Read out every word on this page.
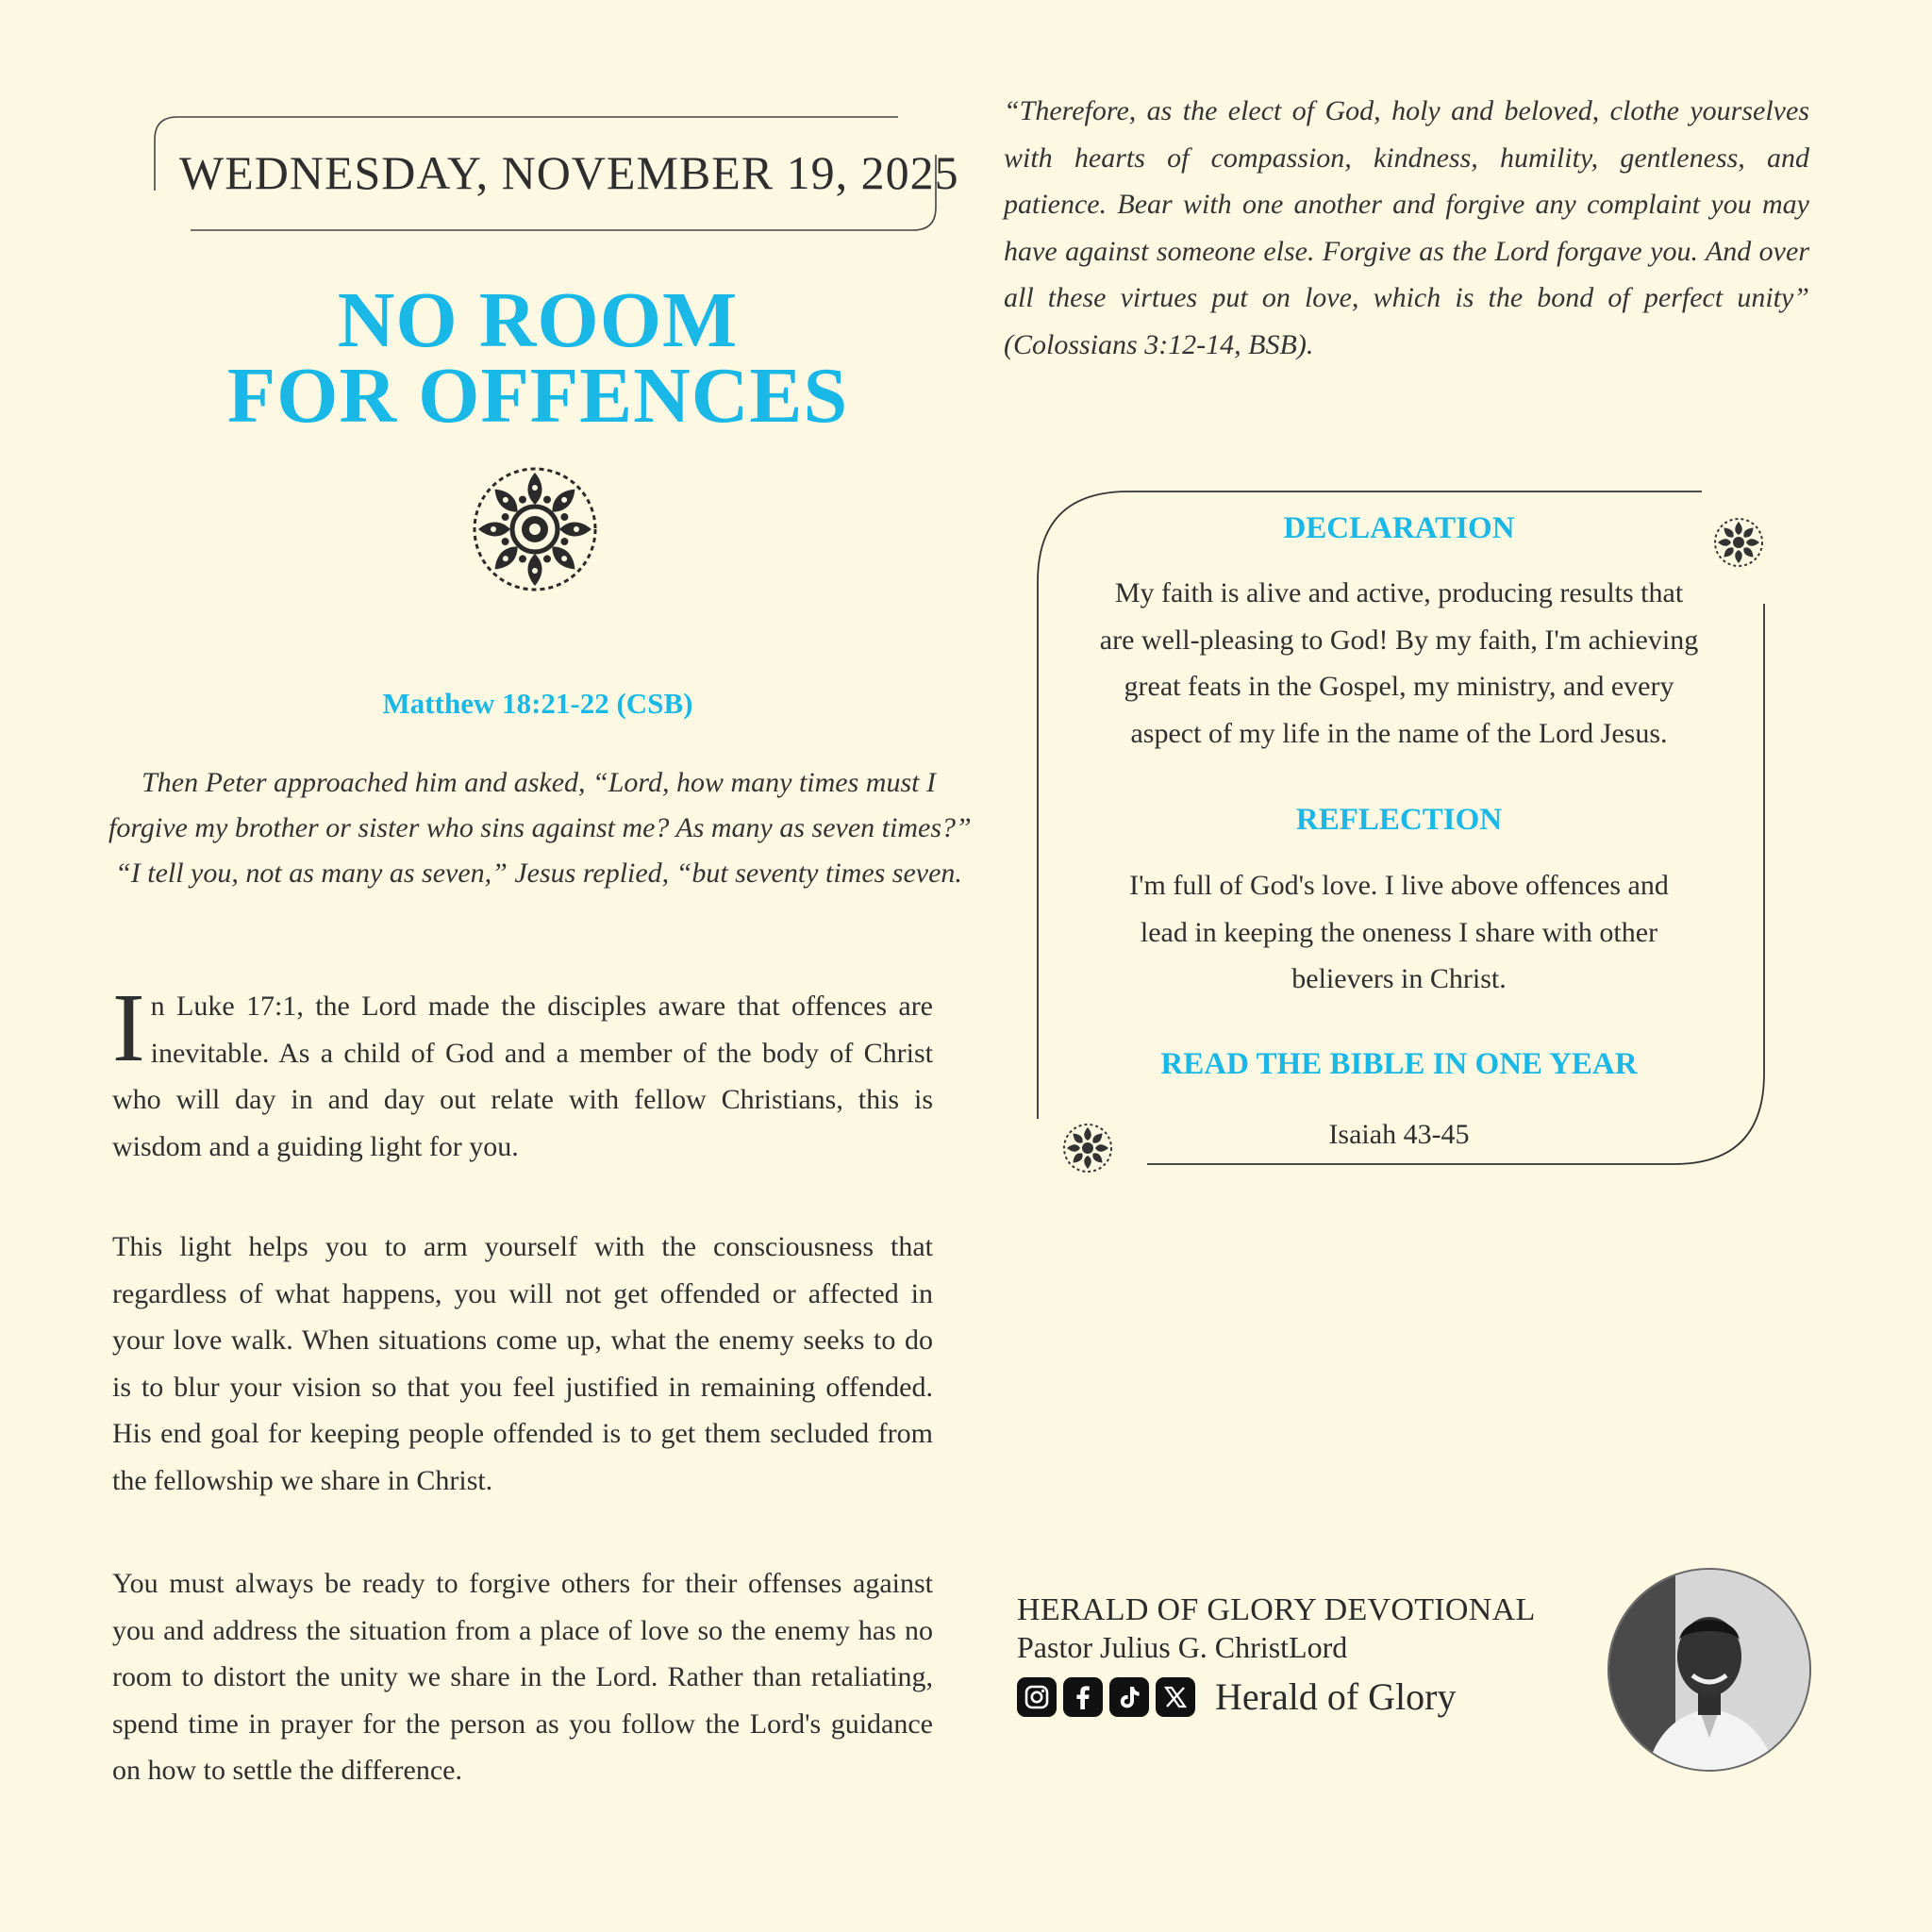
WEDNESDAY, NOVEMBER 19, 2025
NO ROOM
FOR OFFENCES
Matthew 18:21-22 (CSB)
Then Peter approached him and asked, “Lord, how many times must I
forgive my brother or sister who sins against me? As many as seven times?”
“I tell you, not as many as seven,” Jesus replied, “but seventy times seven.
In Luke 17:1, the Lord made the disciples aware that offences are inevitable. As a child of God and a member of the body of Christ who will day in and day out relate with fellow Christians, this is wisdom and a guiding light for you.
This light helps you to arm yourself with the consciousness that regardless of what happens, you will not get offended or affected in your love walk. When situations come up, what the enemy seeks to do is to blur your vision so that you feel justified in remaining offended. His end goal for keeping people offended is to get them secluded from the fellowship we share in Christ.
You must always be ready to forgive others for their offenses against you and address the situation from a place of love so the enemy has no room to distort the unity we share in the Lord. Rather than retaliating, spend time in prayer for the person as you follow the Lord's guidance on how to settle the difference.
“Therefore, as the elect of God, holy and beloved, clothe yourselves with hearts of compassion, kindness, humility, gentleness, and patience. Bear with one another and forgive any complaint you may have against someone else. Forgive as the Lord forgave you. And over all these virtues put on love, which is the bond of perfect unity” (Colossians 3:12-14, BSB).
DECLARATION
My faith is alive and active, producing results that
are well-pleasing to God! By my faith, I'm achieving
great feats in the Gospel, my ministry, and every
aspect of my life in the name of the Lord Jesus.
REFLECTION
I'm full of God's love. I live above offences and
lead in keeping the oneness I share with other
believers in Christ.
READ THE BIBLE IN ONE YEAR
Isaiah 43-45
HERALD OF GLORY DEVOTIONAL
Pastor Julius G. ChristLord
Herald of Glory
